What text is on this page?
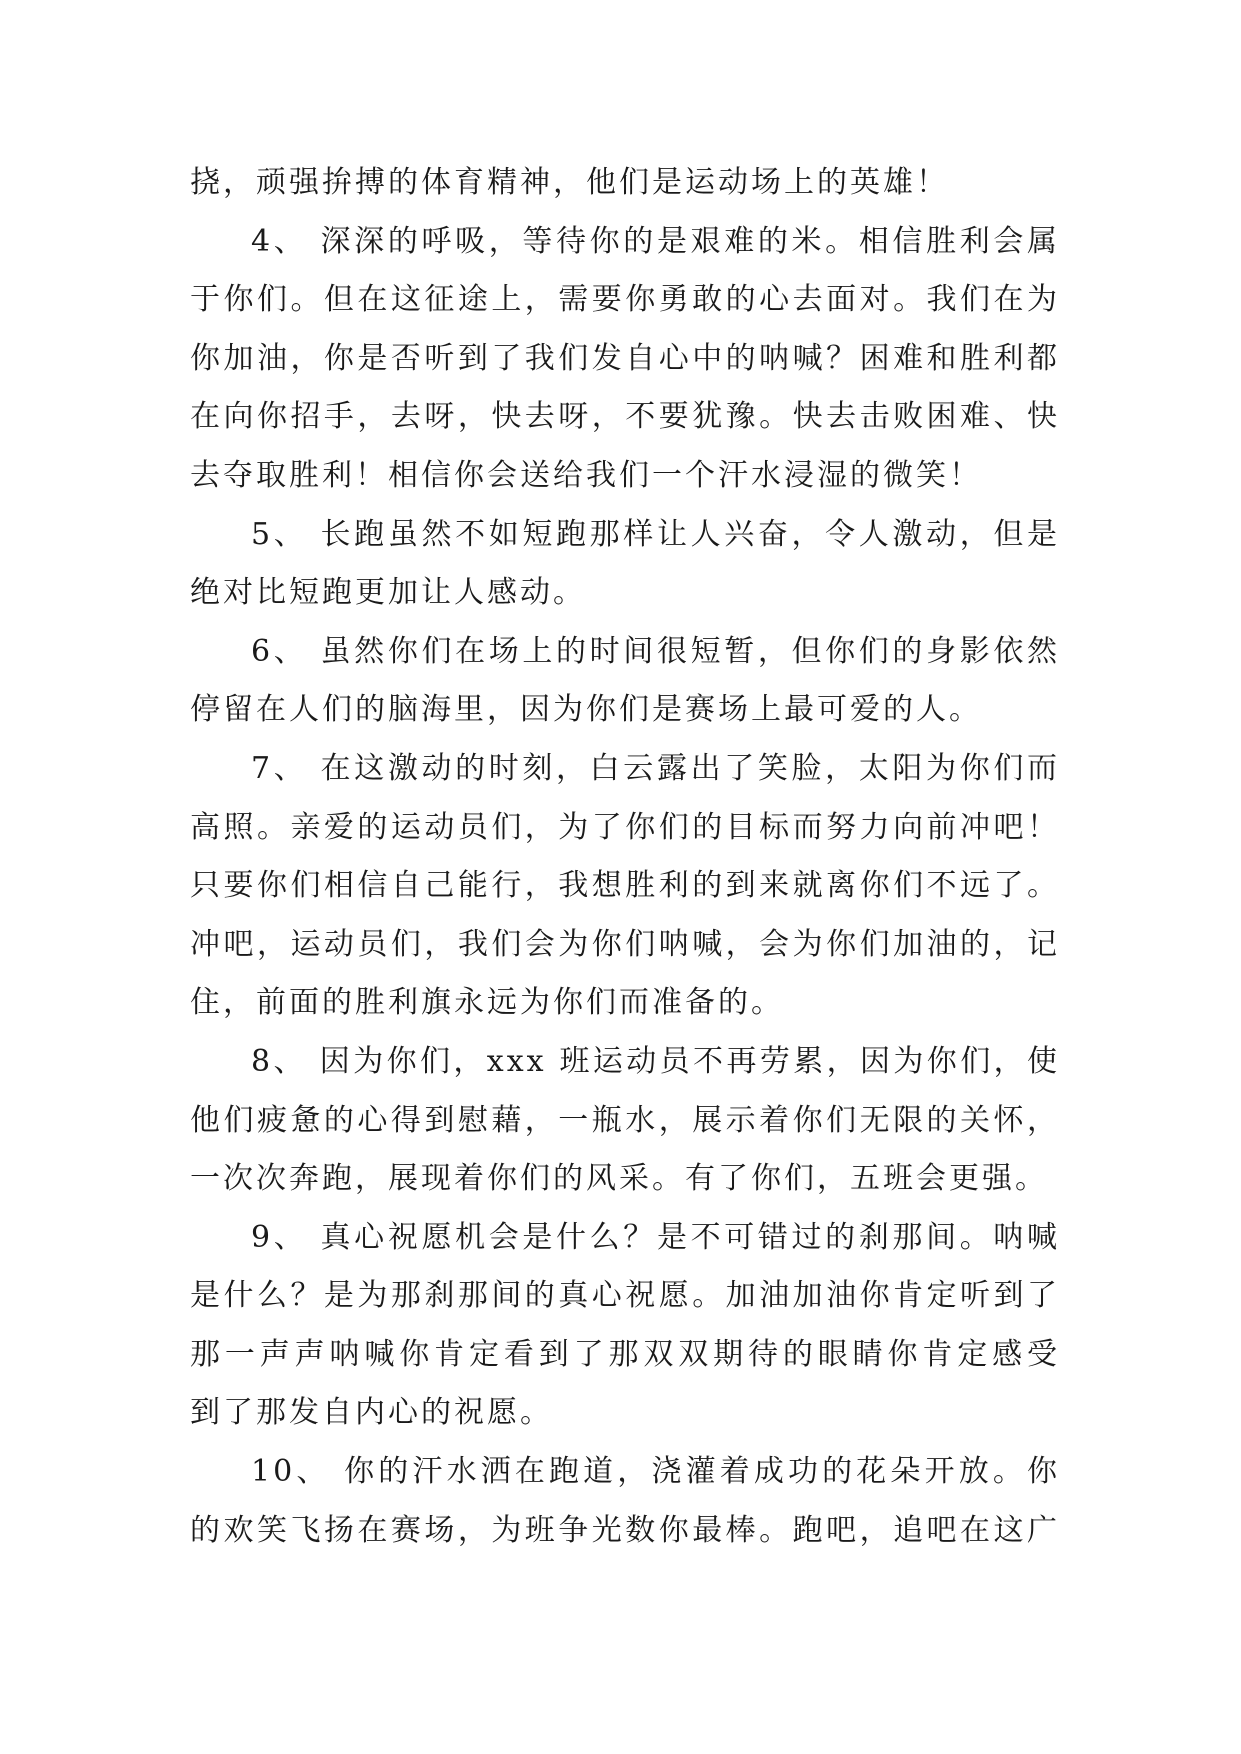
挠，顽强拚搏的体育精神，他们是运动场上的英雄！
4、 深深的呼吸，等待你的是艰难的米。相信胜利会属
于你们。但在这征途上，需要你勇敢的心去面对。我们在为
你加油，你是否听到了我们发自心中的呐喊？困难和胜利都
在向你招手，去呀，快去呀，不要犹豫。快去击败困难、快
去夺取胜利！相信你会送给我们一个汗水浸湿的微笑！
5、 长跑虽然不如短跑那样让人兴奋，令人激动，但是
绝对比短跑更加让人感动。
6、 虽然你们在场上的时间很短暂，但你们的身影依然
停留在人们的脑海里，因为你们是赛场上最可爱的人。
7、 在这激动的时刻，白云露出了笑脸，太阳为你们而
高照。亲爱的运动员们，为了你们的目标而努力向前冲吧！
只要你们相信自己能行，我想胜利的到来就离你们不远了。
冲吧，运动员们，我们会为你们呐喊，会为你们加油的，记
住，前面的胜利旗永远为你们而准备的。
8、 因为你们，xxx 班运动员不再劳累，因为你们，使
他们疲惫的心得到慰藉，一瓶水，展示着你们无限的关怀，
一次次奔跑，展现着你们的风采。有了你们，五班会更强。
9、 真心祝愿机会是什么？是不可错过的刹那间。呐喊
是什么？是为那刹那间的真心祝愿。加油加油你肯定听到了
那一声声呐喊你肯定看到了那双双期待的眼睛你肯定感受
到了那发自内心的祝愿。
10、 你的汗水洒在跑道，浇灌着成功的花朵开放。你
的欢笑飞扬在赛场，为班争光数你最棒。跑吧，追吧在这广
